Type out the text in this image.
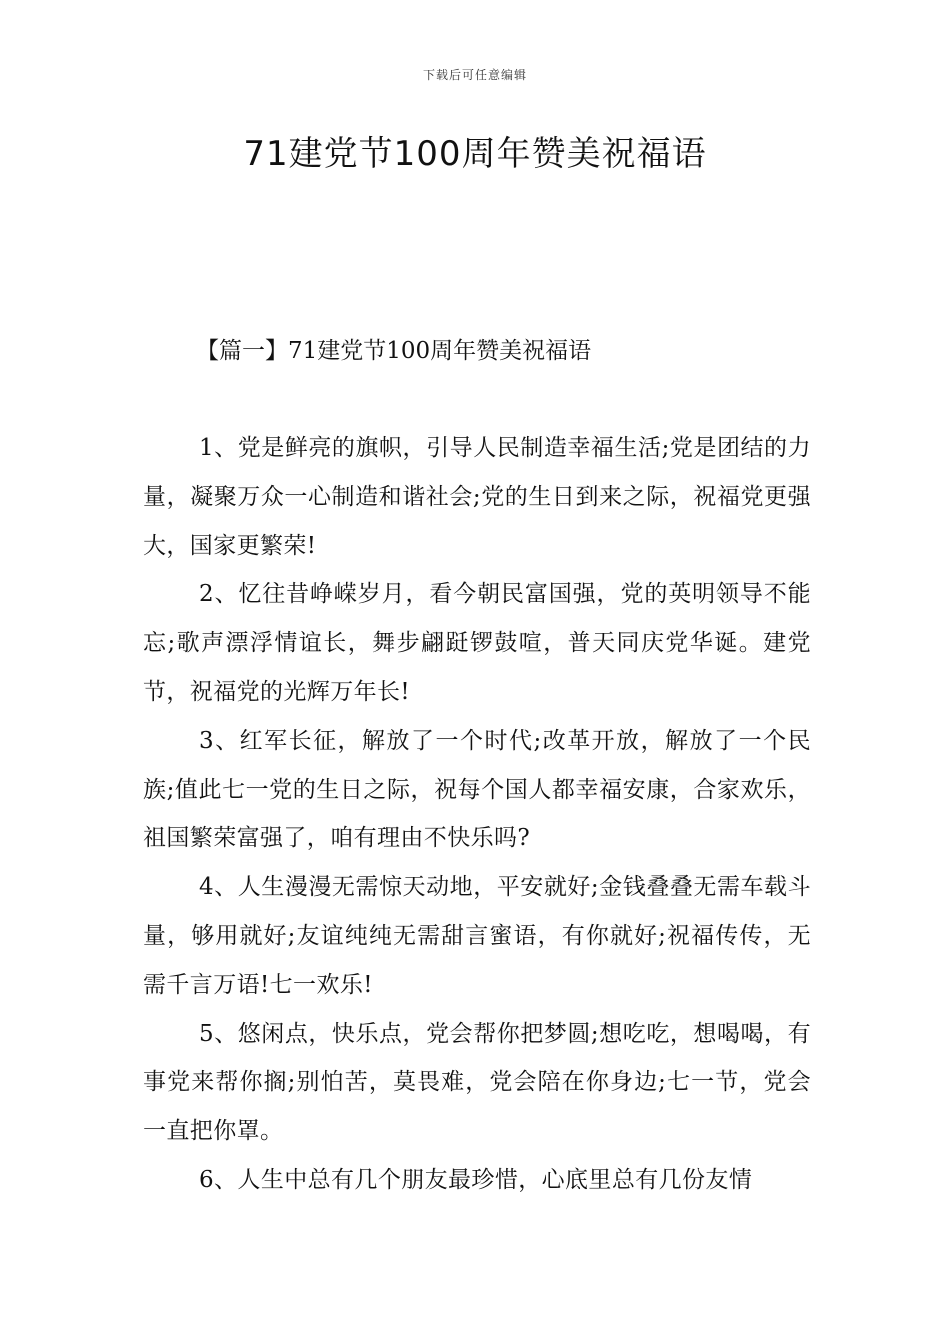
下载后可任意编辑
71建党节100周年赞美祝福语
【篇一】71建党节100周年赞美祝福语

1、党是鲜亮的旗帜，引导人民制造幸福生活;党是团结的力量，凝聚万众一心制造和谐社会;党的生日到来之际，祝福党更强大，国家更繁荣!

2、忆往昔峥嵘岁月，看今朝民富国强，党的英明领导不能忘;歌声漂浮情谊长，舞步翩跹锣鼓喧，普天同庆党华诞。建党节，祝福党的光辉万年长!

3、红军长征，解放了一个时代;改革开放，解放了一个民族;值此七一党的生日之际，祝每个国人都幸福安康，合家欢乐，祖国繁荣富强了，咱有理由不快乐吗?

4、人生漫漫无需惊天动地，平安就好;金钱叠叠无需车载斗量，够用就好;友谊纯纯无需甜言蜜语，有你就好;祝福传传，无需千言万语!七一欢乐!

5、悠闲点，快乐点，党会帮你把梦圆;想吃吃，想喝喝，有事党来帮你搁;别怕苦，莫畏难，党会陪在你身边;七一节，党会一直把你罩。

6、人生中总有几个朋友最珍惜，心底里总有几份友情
